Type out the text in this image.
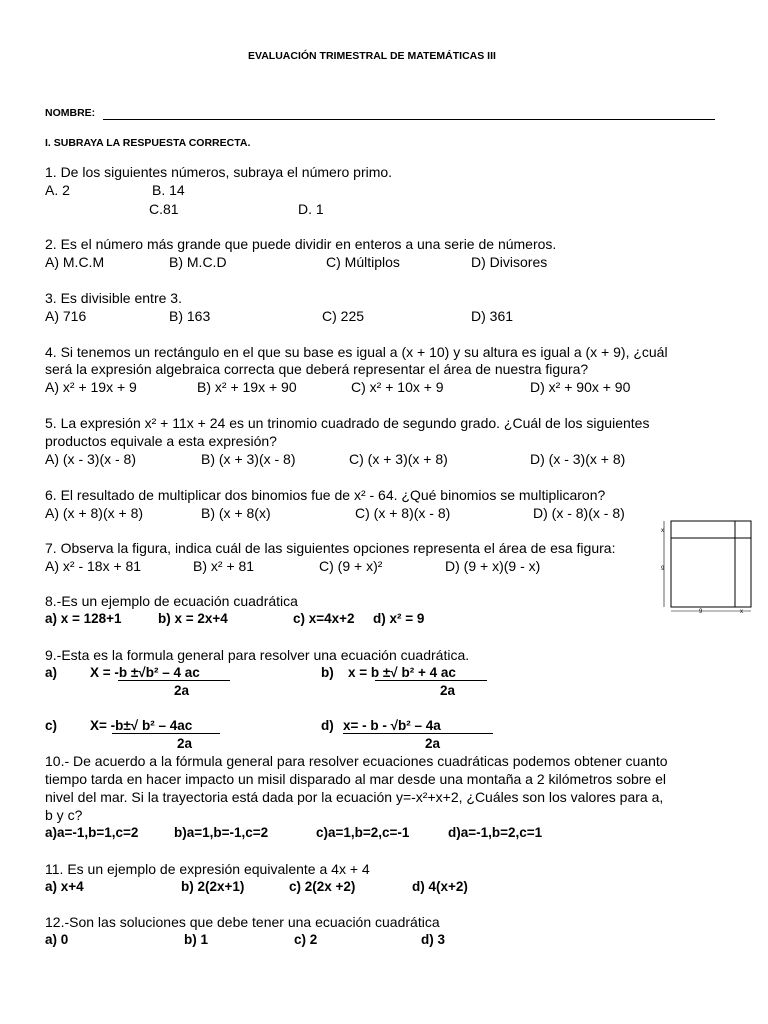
EVALUACIÓN TRIMESTRAL DE MATEMÁTICAS III
NOMBRE:
I. SUBRAYA LA RESPUESTA CORRECTA.
1. De los siguientes números, subraya el número primo.
A. 2	B. 14
C.81	D. 1
2. Es el número más grande que puede dividir en enteros a una serie de números.
A) M.C.M	B) M.C.D	C) Múltiplos	D) Divisores
3. Es divisible entre 3.
A) 716	B) 163	C) 225	D) 361
4. Si tenemos un rectángulo en el que su base es igual a (x + 10) y su altura es igual a (x + 9), ¿cuál
será la expresión algebraica correcta que deberá representar el área de nuestra figura?
A) x² + 19x + 9	B) x² + 19x + 90	C) x² + 10x + 9	D) x² + 90x + 90
5. La expresión x² + 11x + 24 es un trinomio cuadrado de segundo grado. ¿Cuál de los siguientes
productos equivale a esta expresión?
A) (x - 3)(x - 8)	B) (x + 3)(x - 8)	C) (x + 3)(x + 8)	D) (x - 3)(x + 8)
6. El resultado de multiplicar dos binomios fue de x² - 64. ¿Qué binomios se multiplicaron?
A) (x + 8)(x + 8)	B) (x + 8(x)	C) (x + 8)(x - 8)	D) (x - 8)(x - 8)
7. Observa la figura, indica cuál de las siguientes opciones representa el área de esa figura:
A) x² - 18x + 81	B) x² + 81	C) (9 + x)²	D) (9 + x)(9 - x)
x
9
9	x
8.-Es un ejemplo de ecuación cuadrática
a) x = 128+1	b) x = 2x+4	c) x=4x+2 d) x² = 9
9.-Esta es la formula general para resolver una ecuación cuadrática.
a) X = -b ±√b² – 4 ac
2a
b) x = b ±√ b² + 4 ac
2a
c) X= -b±√ b² – 4ac
2a
d) x= - b - √b² – 4a
2a
10.- De acuerdo a la fórmula general para resolver ecuaciones cuadráticas podemos obtener cuanto
tiempo tarda en hacer impacto un misil disparado al mar desde una montaña a 2 kilómetros sobre el
nivel del mar. Si la trayectoria está dada por la ecuación y=-x²+x+2, ¿Cuáles son los valores para a,
b y c?
a)a=-1,b=1,c=2	b)a=1,b=-1,c=2	c)a=1,b=2,c=-1	d)a=-1,b=2,c=1
11. Es un ejemplo de expresión equivalente a 4x + 4
a) x+4	b) 2(2x+1)	c) 2(2x +2)	d) 4(x+2)
12.-Son las soluciones que debe tener una ecuación cuadrática
a) 0	b) 1	c) 2	d) 3
